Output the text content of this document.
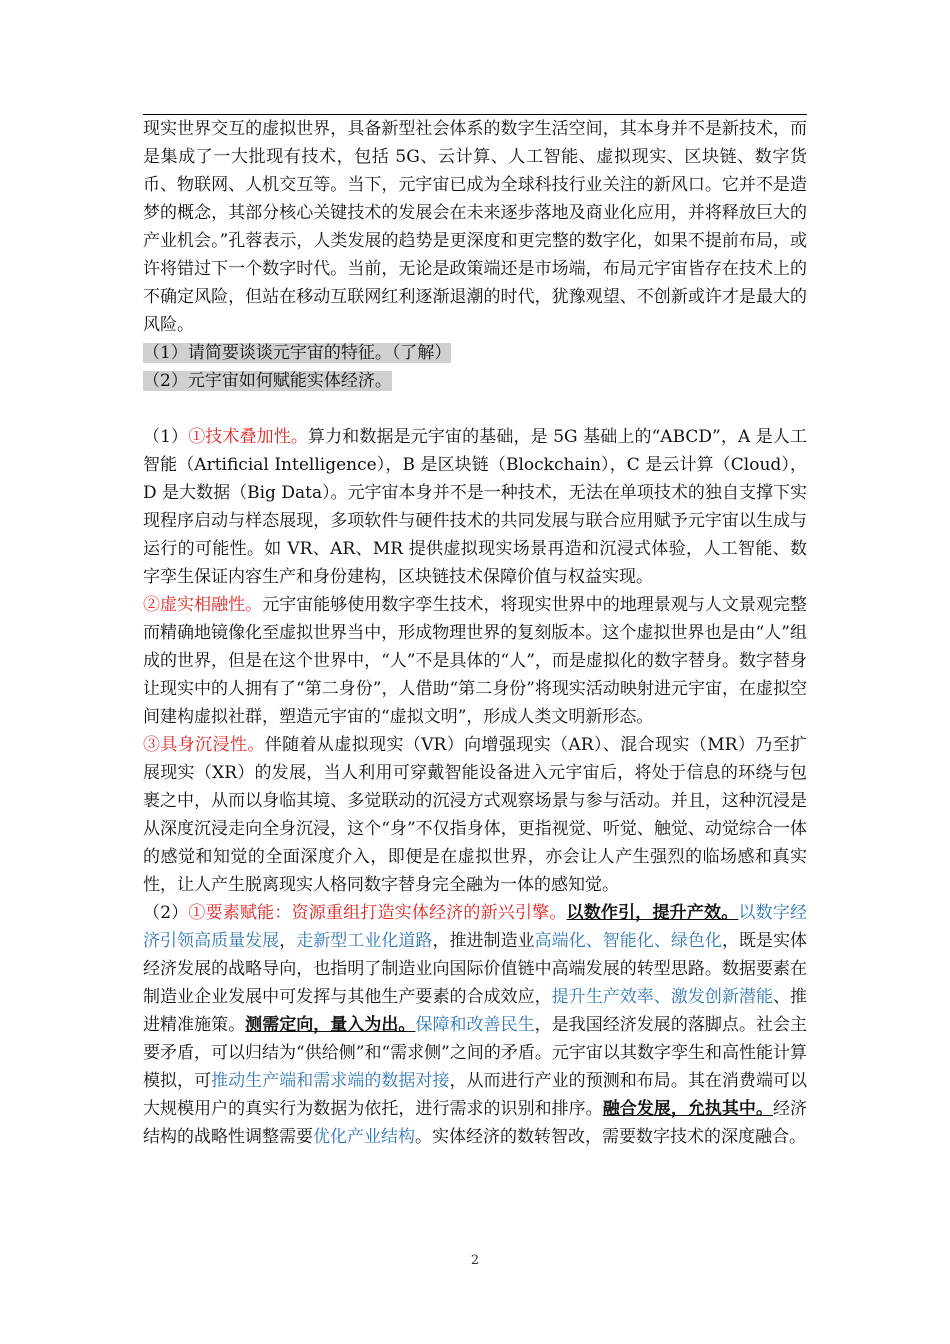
现实世界交互的虚拟世界，具备新型社会体系的数字生活空间，其本身并不是新技术，而是集成了一大批现有技术，包括 5G、云计算、人工智能、虚拟现实、区块链、数字货币、物联网、人机交互等。当下，元宇宙已成为全球科技行业关注的新风口。它并不是造梦的概念，其部分核心关键技术的发展会在未来逐步落地及商业化应用，并将释放巨大的产业机会。”孔蓉表示，人类发展的趋势是更深度和更完整的数字化，如果不提前布局，或许将错过下一个数字时代。当前，无论是政策端还是市场端，布局元宇宙皆存在技术上的不确定风险，但站在移动互联网红利逐渐退潮的时代，犹豫观望、不创新或许才是最大的风险。

（1）请简要谈谈元宇宙的特征。（了解）

（2）元宇宙如何赋能实体经济。

（1）①技术叠加性。算力和数据是元宇宙的基础，是 5G 基础上的“ABCD”，A 是人工智能（Artificial Intelligence），B 是区块链（Blockchain），C 是云计算（Cloud），D 是大数据（Big Data）。元宇宙本身并不是一种技术，无法在单项技术的独自支撑下实现程序启动与样态展现，多项软件与硬件技术的共同发展与联合应用赋予元宇宙以生成与运行的可能性。如 VR、AR、MR 提供虚拟现实场景再造和沉浸式体验，人工智能、数字孪生保证内容生产和身份建构，区块链技术保障价值与权益实现。

②虚实相融性。元宇宙能够使用数字孪生技术，将现实世界中的地理景观与人文景观完整而精确地镜像化至虚拟世界当中，形成物理世界的复刻版本。这个虚拟世界也是由“人”组成的世界，但是在这个世界中，“人”不是具体的“人”，而是虚拟化的数字替身。数字替身让现实中的人拥有了“第二身份”，人借助“第二身份”将现实活动映射进元宇宙，在虚拟空间建构虚拟社群，塑造元宇宙的“虚拟文明”，形成人类文明新形态。

③具身沉浸性。伴随着从虚拟现实（VR）向增强现实（AR）、混合现实（MR）乃至扩展现实（XR）的发展，当人利用可穿戴智能设备进入元宇宙后，将处于信息的环绕与包裹之中，从而以身临其境、多觉联动的沉浸方式观察场景与参与活动。并且，这种沉浸是从深度沉浸走向全身沉浸，这个“身”不仅指身体，更指视觉、听觉、触觉、动觉综合一体的感觉和知觉的全面深度介入，即便是在虚拟世界，亦会让人产生强烈的临场感和真实性，让人产生脱离现实人格同数字替身完全融为一体的感知觉。

（2）①要素赋能：资源重组打造实体经济的新兴引擎。以数作引，提升产效。以数字经济引领高质量发展，走新型工业化道路，推进制造业高端化、智能化、绿色化，既是实体经济发展的战略导向，也指明了制造业向国际价值链中高端发展的转型思路。数据要素在制造业企业发展中可发挥与其他生产要素的合成效应，提升生产效率、激发创新潜能、推进精准施策。测需定向，量入为出。保障和改善民生，是我国经济发展的落脚点。社会主要矛盾，可以归结为“供给侧”和“需求侧”之间的矛盾。元宇宙以其数字孪生和高性能计算模拟，可推动生产端和需求端的数据对接，从而进行产业的预测和布局。其在消费端可以大规模用户的真实行为数据为依托，进行需求的识别和排序。融合发展，允执其中。经济结构的战略性调整需要优化产业结构。实体经济的数转智改，需要数字技术的深度融合。

2
